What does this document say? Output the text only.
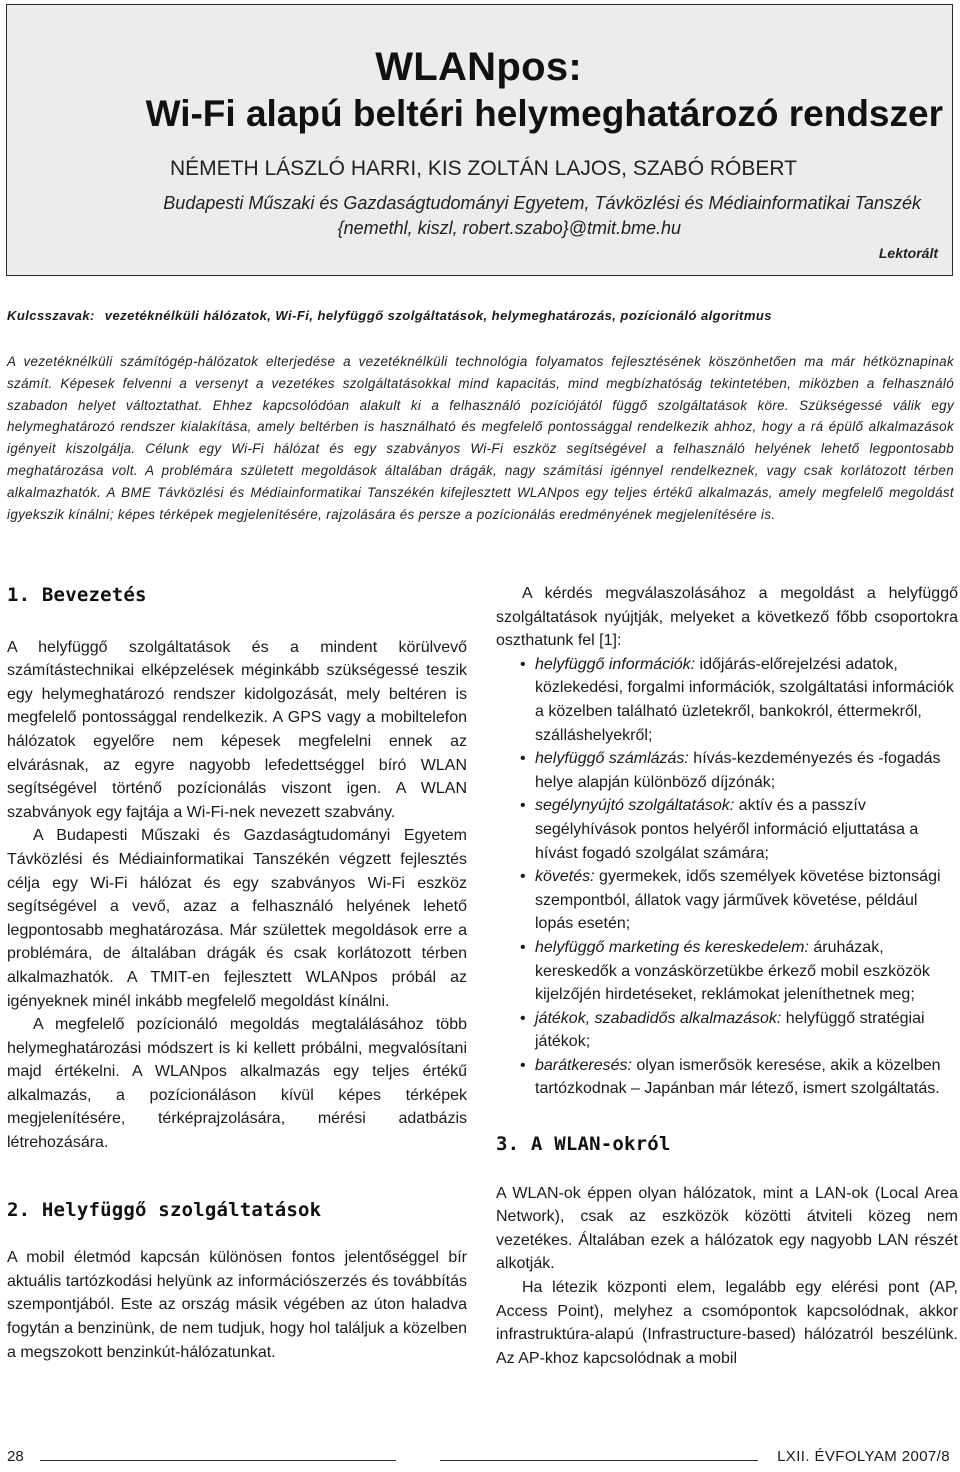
WLANpos:
Wi-Fi alapú beltéri helymeghatározó rendszer
NÉMETH LÁSZLÓ HARRI, KIS ZOLTÁN LAJOS, SZABÓ RÓBERT
Budapesti Műszaki és Gazdaságtudományi Egyetem, Távközlési és Médiainformatikai Tanszék
{nemethl, kiszl, robert.szabo}@tmit.bme.hu
Lektorált
Kulcsszavak: vezetéknélküli hálózatok, Wi-Fi, helyfüggő szolgáltatások, helymeghatározás, pozícionáló algoritmus

A vezetéknélküli számítógép-hálózatok elterjedése a vezetéknélküli technológia folyamatos fejlesztésének köszönhetően ma már hétköznapinak számít. Képesek felvenni a versenyt a vezetékes szolgáltatásokkal mind kapacitás, mind megbízhatóság tekintetében, miközben a felhasználó szabadon helyet változtathat. Ehhez kapcsolódóan alakult ki a felhasználó pozíciójától függő szolgáltatások köre. Szükségessé válik egy helymeghatározó rendszer kialakítása, amely beltérben is használható és megfelelő pontossággal rendelkezik ahhoz, hogy a rá épülő alkalmazások igényeit kiszolgálja. Célunk egy Wi-Fi hálózat és egy szabványos Wi-Fi eszköz segítségével a felhasználó helyének lehető legpontosabb meghatározása volt. A problémára született megoldások általában drágák, nagy számítási igénnyel rendelkeznek, vagy csak korlátozott térben alkalmazhatók. A BME Távközlési és Médiainformatikai Tanszékén kifejlesztett WLANpos egy teljes értékű alkalmazás, amely megfelelő megoldást igyekszik kínálni; képes térképek megjelenítésére, rajzolására és persze a pozícionálás eredményének megjelenítésére is.

1. Bevezetés

A helyfüggő szolgáltatások és a mindent körülvevő számítástechnikai elképzelések méginkább szükségessé teszik egy helymeghatározó rendszer kidolgozását, mely beltéren is megfelelő pontossággal rendelkezik. A GPS vagy a mobiltelefon hálózatok egyelőre nem képesek megfelelni ennek az elvárásnak, az egyre nagyobb lefedettséggel bíró WLAN segítségével történő pozícionálás viszont igen. A WLAN szabványok egy fajtája a Wi-Fi-nek nevezett szabvány.

A Budapesti Műszaki és Gazdaságtudományi Egyetem Távközlési és Médiainformatikai Tanszékén végzett fejlesztés célja egy Wi-Fi hálózat és egy szabványos Wi-Fi eszköz segítségével a vevő, azaz a felhasználó helyének lehető legpontosabb meghatározása. Már születtek megoldások erre a problémára, de általában drágák és csak korlátozott térben alkalmazhatók. A TMIT-en fejlesztett WLANpos próbál az igényeknek minél inkább megfelelő megoldást kínálni.

A megfelelő pozícionáló megoldás megtalálásához több helymeghatározási módszert is ki kellett próbálni, megvalósítani majd értékelni. A WLANpos alkalmazás egy teljes értékű alkalmazás, a pozícionáláson kívül képes térképek megjelenítésére, térképrajzolására, mérési adatbázis létrehozására.

2. Helyfüggő szolgáltatások

A mobil életmód kapcsán különösen fontos jelentőséggel bír aktuális tartózkodási helyünk az információszerzés és továbbítás szempontjából. Este az ország másik végében az úton haladva fogytán a benzinünk, de nem tudjuk, hogy hol találjuk a közelben a megszokott benzinkút-hálózatunkat.

A kérdés megválaszolásához a megoldást a helyfüggő szolgáltatások nyújtják, melyeket a következő főbb csoportokra oszthatunk fel [1]:

• helyfüggő információk: időjárás-előrejelzési adatok, közlekedési, forgalmi információk, szolgáltatási információk a közelben található üzletekről, bankokról, éttermekről, szálláshelyekről;
• helyfüggő számlázás: hívás-kezdeményezés és -fogadás helye alapján különböző díjzónák;
• segélynyújtó szolgáltatások: aktív és a passzív segélyhívások pontos helyéről információ eljuttatása a hívást fogadó szolgálat számára;
• követés: gyermekek, idős személyek követése biztonsági szempontból, állatok vagy járművek követése, például lopás esetén;
• helyfüggő marketing és kereskedelem: áruházak, kereskedők a vonzáskörzetükbe érkező mobil eszközök kijelzőjén hirdetéseket, reklámokat jeleníthetnek meg;
• játékok, szabadidős alkalmazások: helyfüggő stratégiai játékok;
• barátkeresés: olyan ismerősök keresése, akik a közelben tartózkodnak – Japánban már létező, ismert szolgáltatás.
3. A WLAN-okról

A WLAN-ok éppen olyan hálózatok, mint a LAN-ok (Local Area Network), csak az eszközök közötti átviteli közeg nem vezetékes. Általában ezek a hálózatok egy nagyobb LAN részét alkotják.

Ha létezik központi elem, legalább egy elérési pont (AP, Access Point), melyhez a csomópontok kapcsolódnak, akkor infrastruktúra-alapú (Infrastructure-based) hálózatról beszélünk. Az AP-khoz kapcsolódnak a mobil

28	LXII. ÉVFOLYAM 2007/8
